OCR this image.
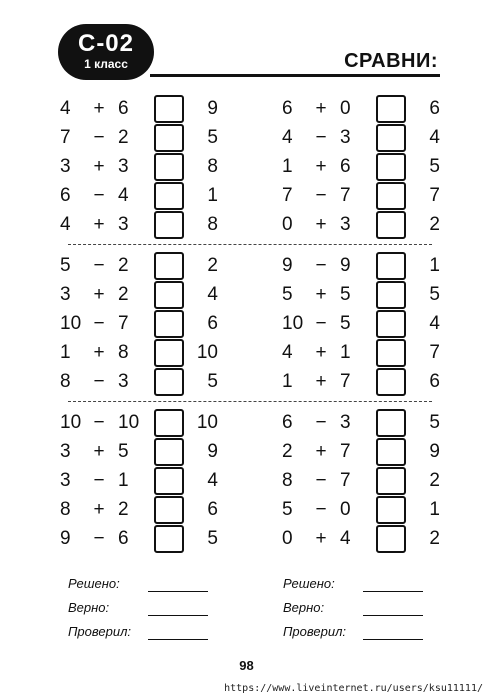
С-02
1 класс	СРАВНИ:
4	+ 6	9
7	− 2	5
3	+ 3	8
6	− 4	1
4	+ 3	8
6	+ 0	6
4	− 3	4
1	+ 6	5
7	− 7	7
0	+ 3	2
5	− 2	2
3	+ 2	4
10 − 7	6
1	+ 8	10
8	− 3	5
9	− 9	1
5	+ 5	5
10 − 5	4
4	+ 1	7
1	+ 7	6
10 − 10	10
3	+ 5	9
3	− 1	4
8	+ 2	6
9	− 6	5
6	− 3	5
2	+ 7	9
8	− 7	2
5	− 0	1
0	+ 4	2
Решено:
Верно:
Проверил:
Решено:
Верно:
Проверил:
98
https://www.liveinternet.ru/users/ksu11111/
